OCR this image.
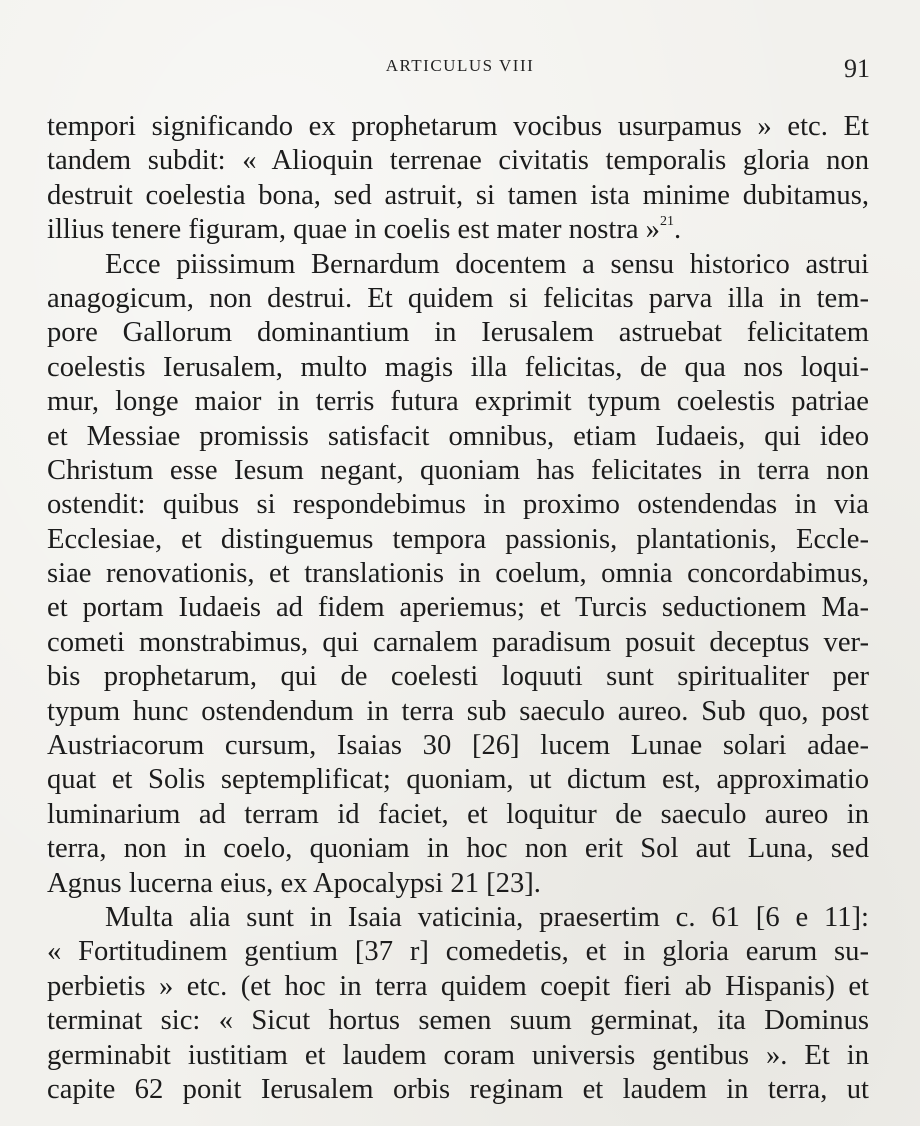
ARTICULUS VIII	91
tempori significando ex prophetarum vocibus usurpamus » etc. Et
tandem subdit: « Alioquin terrenae civitatis temporalis gloria non
destruit coelestia bona, sed astruit, si tamen ista minime dubitamus,
illius tenere figuram, quae in coelis est mater nostra »$^{21}$.
Ecce piissimum Bernardum docentem a sensu historico astrui
anagogicum, non destrui. Et quidem si felicitas parva illa in tem-
pore Gallorum dominantium in Ierusalem astruebat felicitatem
coelestis Ierusalem, multo magis illa felicitas, de qua nos loqui-
mur, longe maior in terris futura exprimit typum coelestis patriae
et Messiae promissis satisfacit omnibus, etiam Iudaeis, qui ideo
Christum esse Iesum negant, quoniam has felicitates in terra non
ostendit: quibus si respondebimus in proximo ostendendas in via
Ecclesiae, et distinguemus tempora passionis, plantationis, Eccle-
siae renovationis, et translationis in coelum, omnia concordabimus,
et portam Iudaeis ad fidem aperiemus; et Turcis seductionem Ma-
cometi monstrabimus, qui carnalem paradisum posuit deceptus ver-
bis prophetarum, qui de coelesti loquuti sunt spiritualiter per
typum hunc ostendendum in terra sub saeculo aureo. Sub quo, post
Austriacorum cursum, Isaias 30 [26] lucem Lunae solari adae-
quat et Solis septemplificat; quoniam, ut dictum est, approximatio
luminarium ad terram id faciet, et loquitur de saeculo aureo in
terra, non in coelo, quoniam in hoc non erit Sol aut Luna, sed
Agnus lucerna eius, ex Apocalypsi 21 [23].
Multa alia sunt in Isaia vaticinia, praesertim c. 61 [6 e 11]:
« Fortitudinem gentium [37 r] comedetis, et in gloria earum su-
perbietis » etc. (et hoc in terra quidem coepit fieri ab Hispanis) et
terminat sic: « Sicut hortus semen suum germinat, ita Dominus
germinabit iustitiam et laudem coram universis gentibus ». Et in
capite 62 ponit Ierusalem orbis reginam et laudem in terra, ut
